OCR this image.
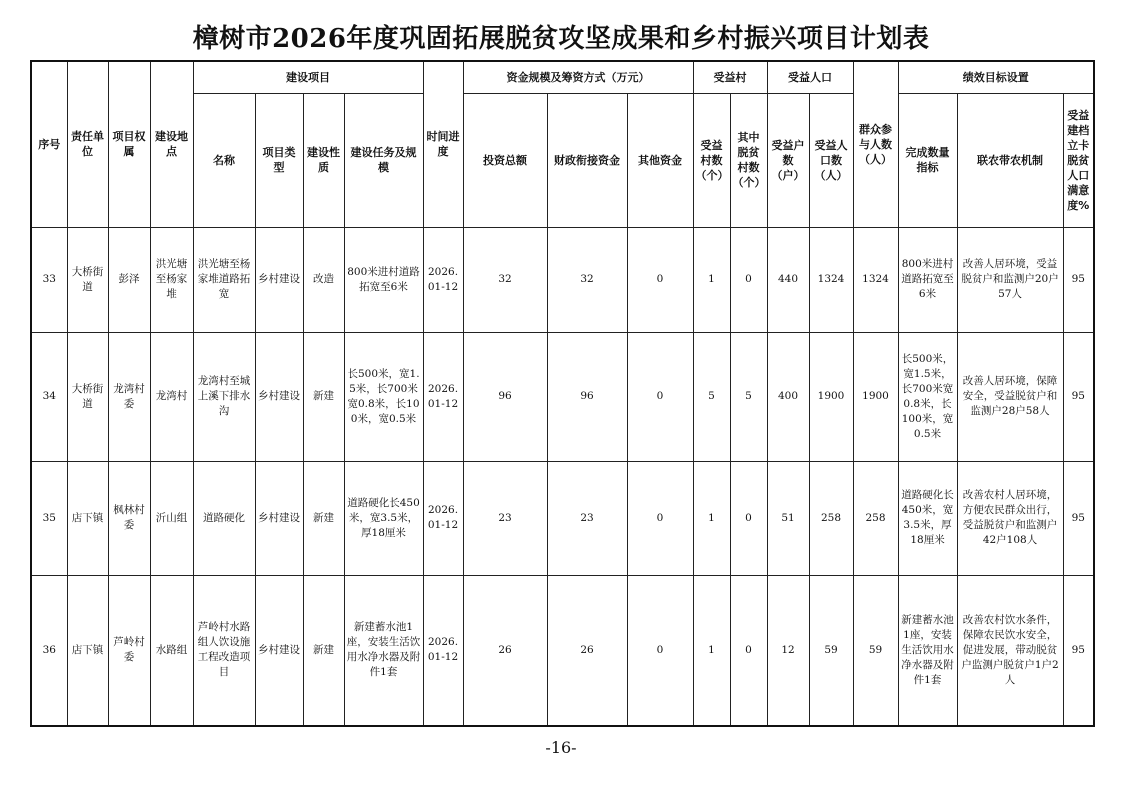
樟树市2026年度巩固拓展脱贫攻坚成果和乡村振兴项目计划表
序号	责任单位	项目权属	建设地点	建设项目				时间进度	资金规模及筹资方式（万元）			受益村		受益人口		群众参与人数（人）	绩效目标设置		
				名称	项目类型	建设性质	建设任务及规模		投资总额	财政衔接资金	其他资金	受益村数（个）	其中脱贫村数（个）	受益户数（户）	受益人口数（人）		完成数量指标	联农带农机制	受益建档立卡脱贫人口满意度%
33	大桥街道	彭泽	洪光塘至杨家堆	洪光塘至杨家堆道路拓宽	乡村建设	改造	800米进村道路拓宽至6米	2026.01-12	32	32	0	1	0	440	1324	1324	800米进村道路拓宽至6米	改善人居环境，受益脱贫户和监测户20户57人	95
34	大桥街道	龙湾村委	龙湾村	龙湾村至城上溪下排水沟	乡村建设	新建	长500米，宽1.5米，长700米宽0.8米，长100米，宽0.5米	2026.01-12	96	96	0	5	5	400	1900	1900	长500米，宽1.5米，长700米宽0.8米，长100米，宽0.5米	改善人居环境，保障安全，受益脱贫户和监测户28户58人	95
35	店下镇	枫林村委	沂山组	道路硬化	乡村建设	新建	道路硬化长450米，宽3.5米，厚18厘米	2026.01-12	23	23	0	1	0	51	258	258	道路硬化长450米，宽3.5米，厚18厘米	改善农村人居环境，方便农民群众出行，受益脱贫户和监测户42户108人	95
36	店下镇	芦岭村委	水路组	芦岭村水路组人饮设施工程改造项目	乡村建设	新建	新建蓄水池1座，安装生活饮用水净水器及附件1套	2026.01-12	26	26	0	1	0	12	59	59	新建蓄水池1座，安装生活饮用水净水器及附件1套	改善农村饮水条件，保障农民饮水安全，促进发展，带动脱贫户监测户脱贫户1户2人	95
-16-
